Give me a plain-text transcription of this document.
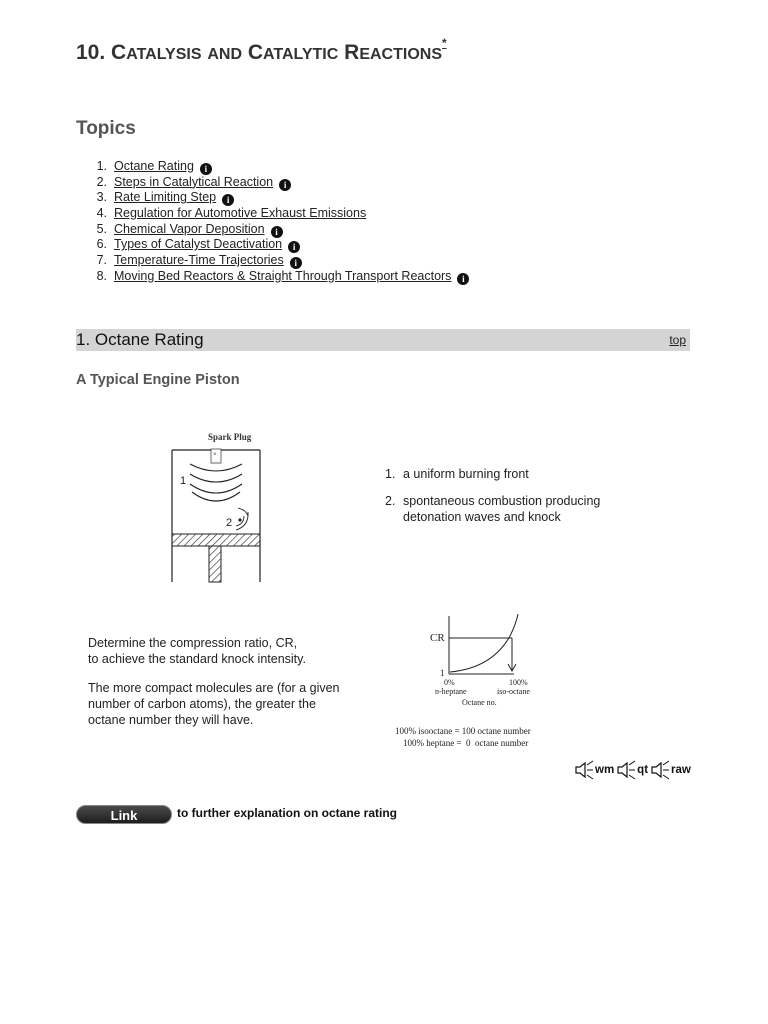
10. CATALYSIS AND CATALYTIC REACTIONS*
Topics
1. Octane Rating	i
2. Steps in Catalytical Reaction	i
3. Rate Limiting Step	i
4. Regulation for Automotive Exhaust Emissions
5. Chemical Vapor Deposition	i
6. Types of Catalyst Deactivation	i
7. Temperature-Time Trajectories	i
8. Moving Bed Reactors & Straight Through Transport Reactors	i
1. Octane Rating	top
A Typical Engine Piston
Spark Plug
×
1
2
1. a uniform burning front
2. spontaneous combustion producing detonation waves and knock

Determine the compression ratio, CR,
to achieve the standard knock intensity.

The more compact molecules are (for a given
number of carbon atoms), the greater the
octane number they will have.

CR
1
0%	100%
n-heptane	iso-octane
Octane no.
100% isooctane = 100 octane number
100% heptane =  0  octane number
wm qt raw
Link	to further explanation on octane rating
